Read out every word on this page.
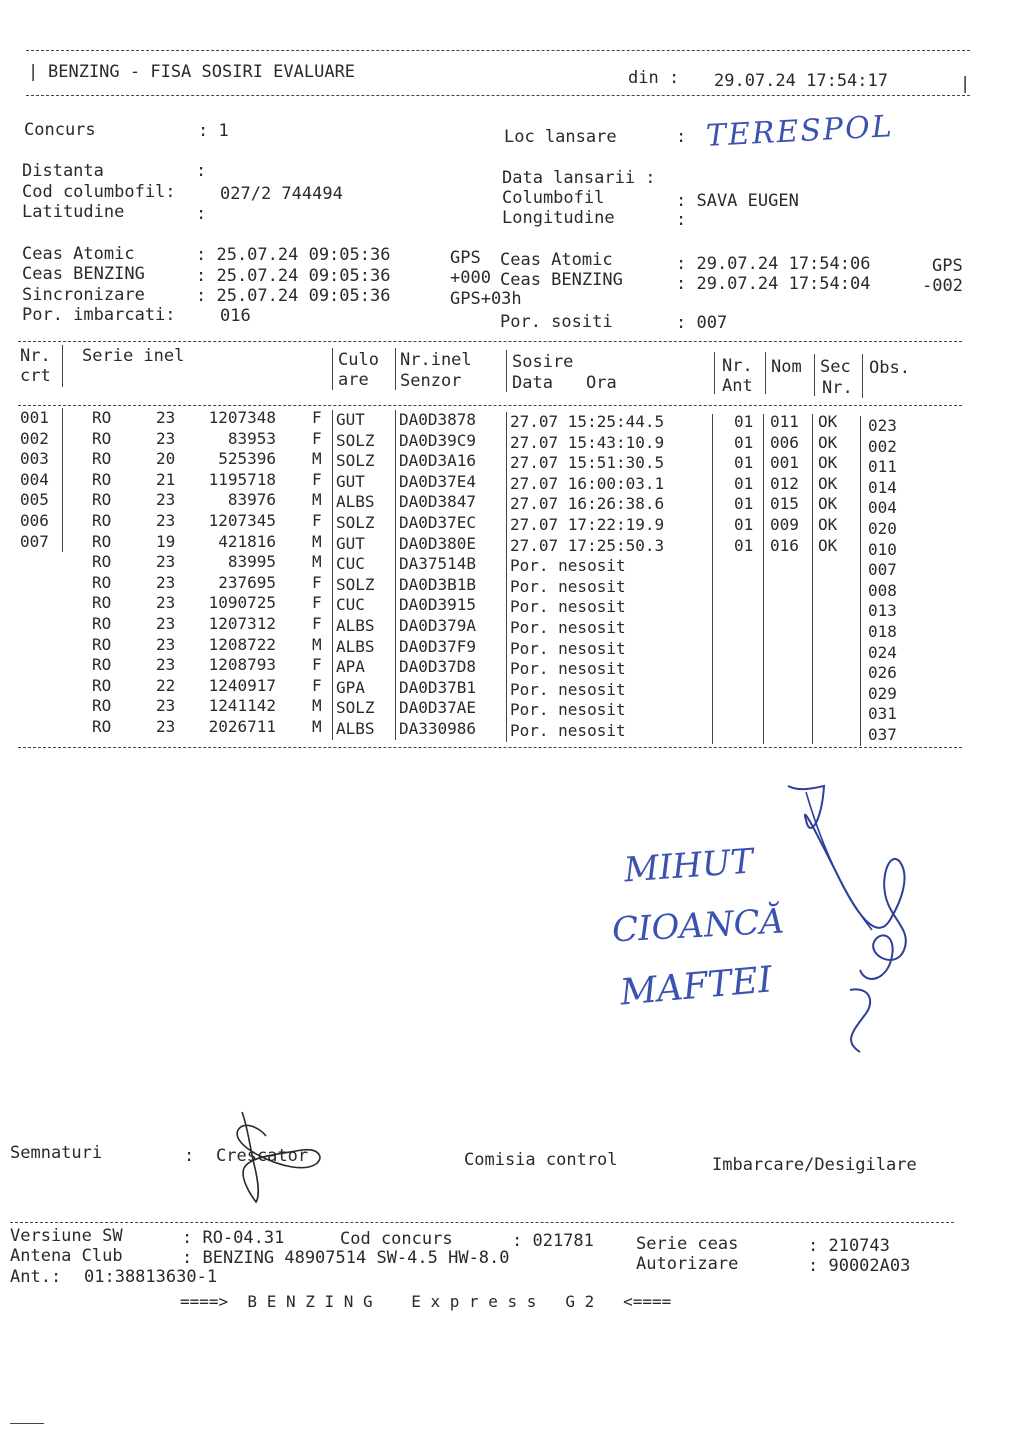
| BENZING - FISA SOSIRI EVALUARE	din : 29.07.24 17:54:17	|
Concurs	: 1	Loc lansare	: TERESPOL
Distanta	:
Cod columbofil:	027/2 744494
Latitudine	:
Data lansarii :
Columbofil	: SAVA EUGEN
Longitudine	:
Ceas Atomic	: 25.07.24 09:05:36	GPS
Ceas BENZING	: 25.07.24 09:05:36	+000
Sincronizare	: 25.07.24 09:05:36	GPS+03h
Por. imbarcati:	016
Ceas Atomic	: 29.07.24 17:54:06	GPS
Ceas BENZING	: 29.07.24 17:54:04	-002
Por. sositi	: 007
Nr.
crt
Serie inel	Culo
are
Nr.inel
Senzor
Sosire
Data Ora
Nr.
Ant
Nom Sec
Nr.
Obs.
001	RO	23 1207348 F GUT DA0D3878 27.07 15:25:44.5	01 011 OK 023
002	RO	23	83953 F SOLZ DA0D39C9 27.07 15:43:10.9	01 006 OK 002
003	RO	20	525396 M SOLZ DA0D3A16 27.07 15:51:30.5	01 001 OK 011
004	RO	21 1195718 F GUT DA0D37E4 27.07 16:00:03.1	01 012 OK 014
005	RO	23	83976 M ALBS DA0D3847 27.07 16:26:38.6	01 015 OK 004
006	RO	23 1207345 F SOLZ DA0D37EC 27.07 17:22:19.9	01 009 OK 020
007	RO	19	421816 M GUT DA0D380E 27.07 17:25:50.3	01 016 OK 010
RO	23	83995 M CUC DA37514B Por. nesosit	007
RO	23	237695 F SOLZ DA0D3B1B Por. nesosit	008
RO	23 1090725 F CUC DA0D3915 Por. nesosit	013
RO	23 1207312 F ALBS DA0D379A Por. nesosit	018
RO	23 1208722 M ALBS DA0D37F9 Por. nesosit	024
RO	23 1208793 F APA DA0D37D8 Por. nesosit	026
RO	22 1240917 F GPA DA0D37B1 Por. nesosit	029
RO	23 1241142 M SOLZ DA0D37AE Por. nesosit	031
RO	23 2026711 M ALBS DA330986 Por. nesosit	037
MIHUT
CIOANCĂ
MAFTEI
Semnaturi	: Crescator	Comisia control	Imbarcare/Desigilare
Versiune SW	: RO-04.31	Cod concurs	: 021781 Serie ceas	: 210743
Antena Club	: BENZING 48907514 SW-4.5 HW-8.0	Autorizare	: 90002A03
Ant.: 01:38813630-1
====>  B E N Z I N G    E x p r e s s   G 2   <====
